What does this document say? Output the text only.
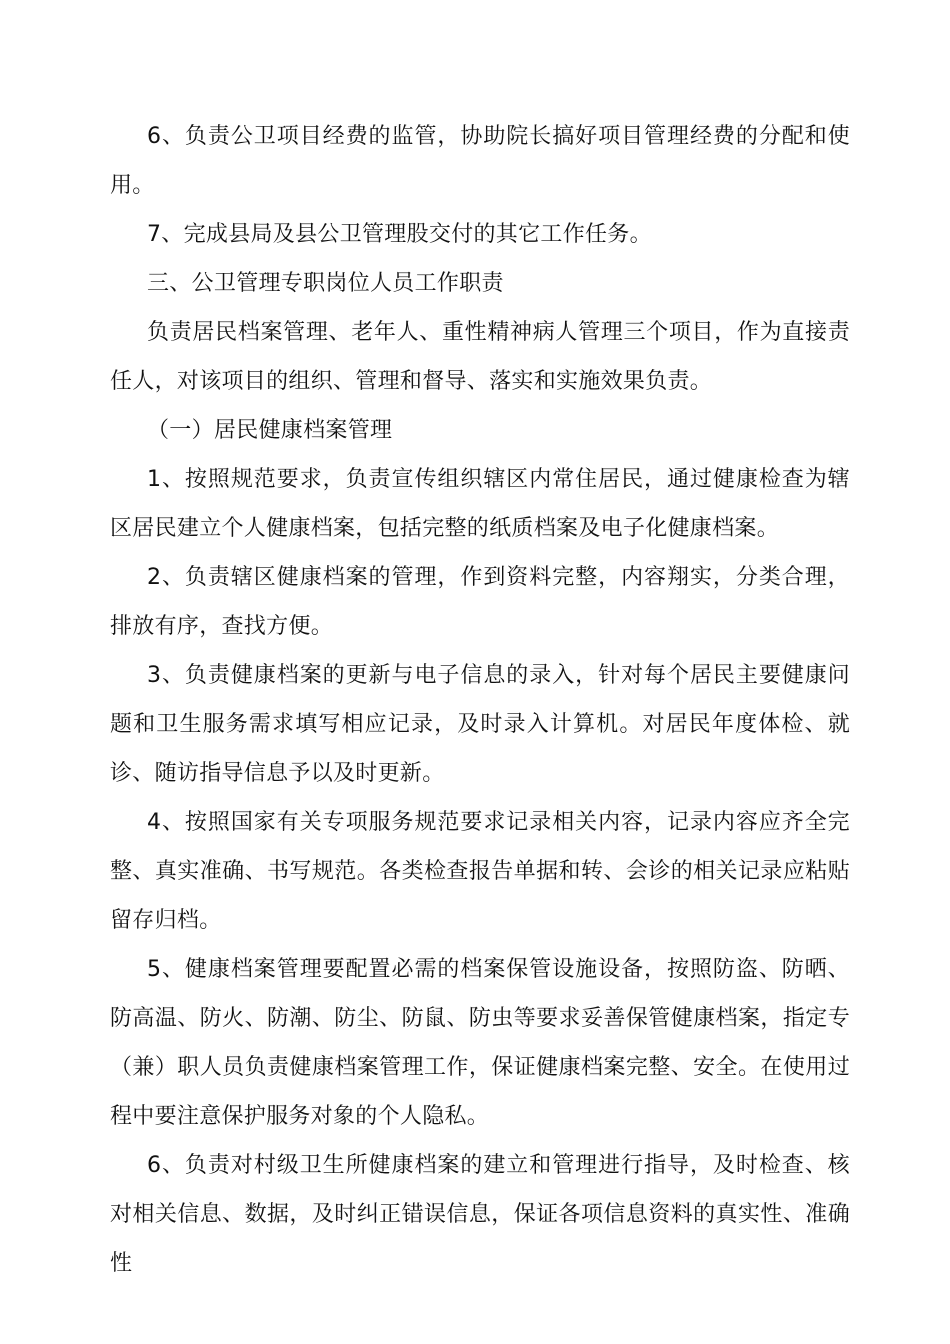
6、负责公卫项目经费的监管，协助院长搞好项目管理经费的分配和使用。

7、完成县局及县公卫管理股交付的其它工作任务。

三、公卫管理专职岗位人员工作职责

负责居民档案管理、老年人、重性精神病人管理三个项目，作为直接责任人，对该项目的组织、管理和督导、落实和实施效果负责。

（一）居民健康档案管理

1、按照规范要求，负责宣传组织辖区内常住居民，通过健康检查为辖区居民建立个人健康档案，包括完整的纸质档案及电子化健康档案。

2、负责辖区健康档案的管理，作到资料完整，内容翔实，分类合理，排放有序，查找方便。

3、负责健康档案的更新与电子信息的录入，针对每个居民主要健康问题和卫生服务需求填写相应记录，及时录入计算机。对居民年度体检、就诊、随访指导信息予以及时更新。

4、按照国家有关专项服务规范要求记录相关内容，记录内容应齐全完整、真实准确、书写规范。各类检查报告单据和转、会诊的相关记录应粘贴留存归档。

5、健康档案管理要配置必需的档案保管设施设备，按照防盗、防晒、防高温、防火、防潮、防尘、防鼠、防虫等要求妥善保管健康档案，指定专（兼）职人员负责健康档案管理工作，保证健康档案完整、安全。在使用过程中要注意保护服务对象的个人隐私。

6、负责对村级卫生所健康档案的建立和管理进行指导，及时检查、核对相关信息、数据，及时纠正错误信息，保证各项信息资料的真实性、准确性
